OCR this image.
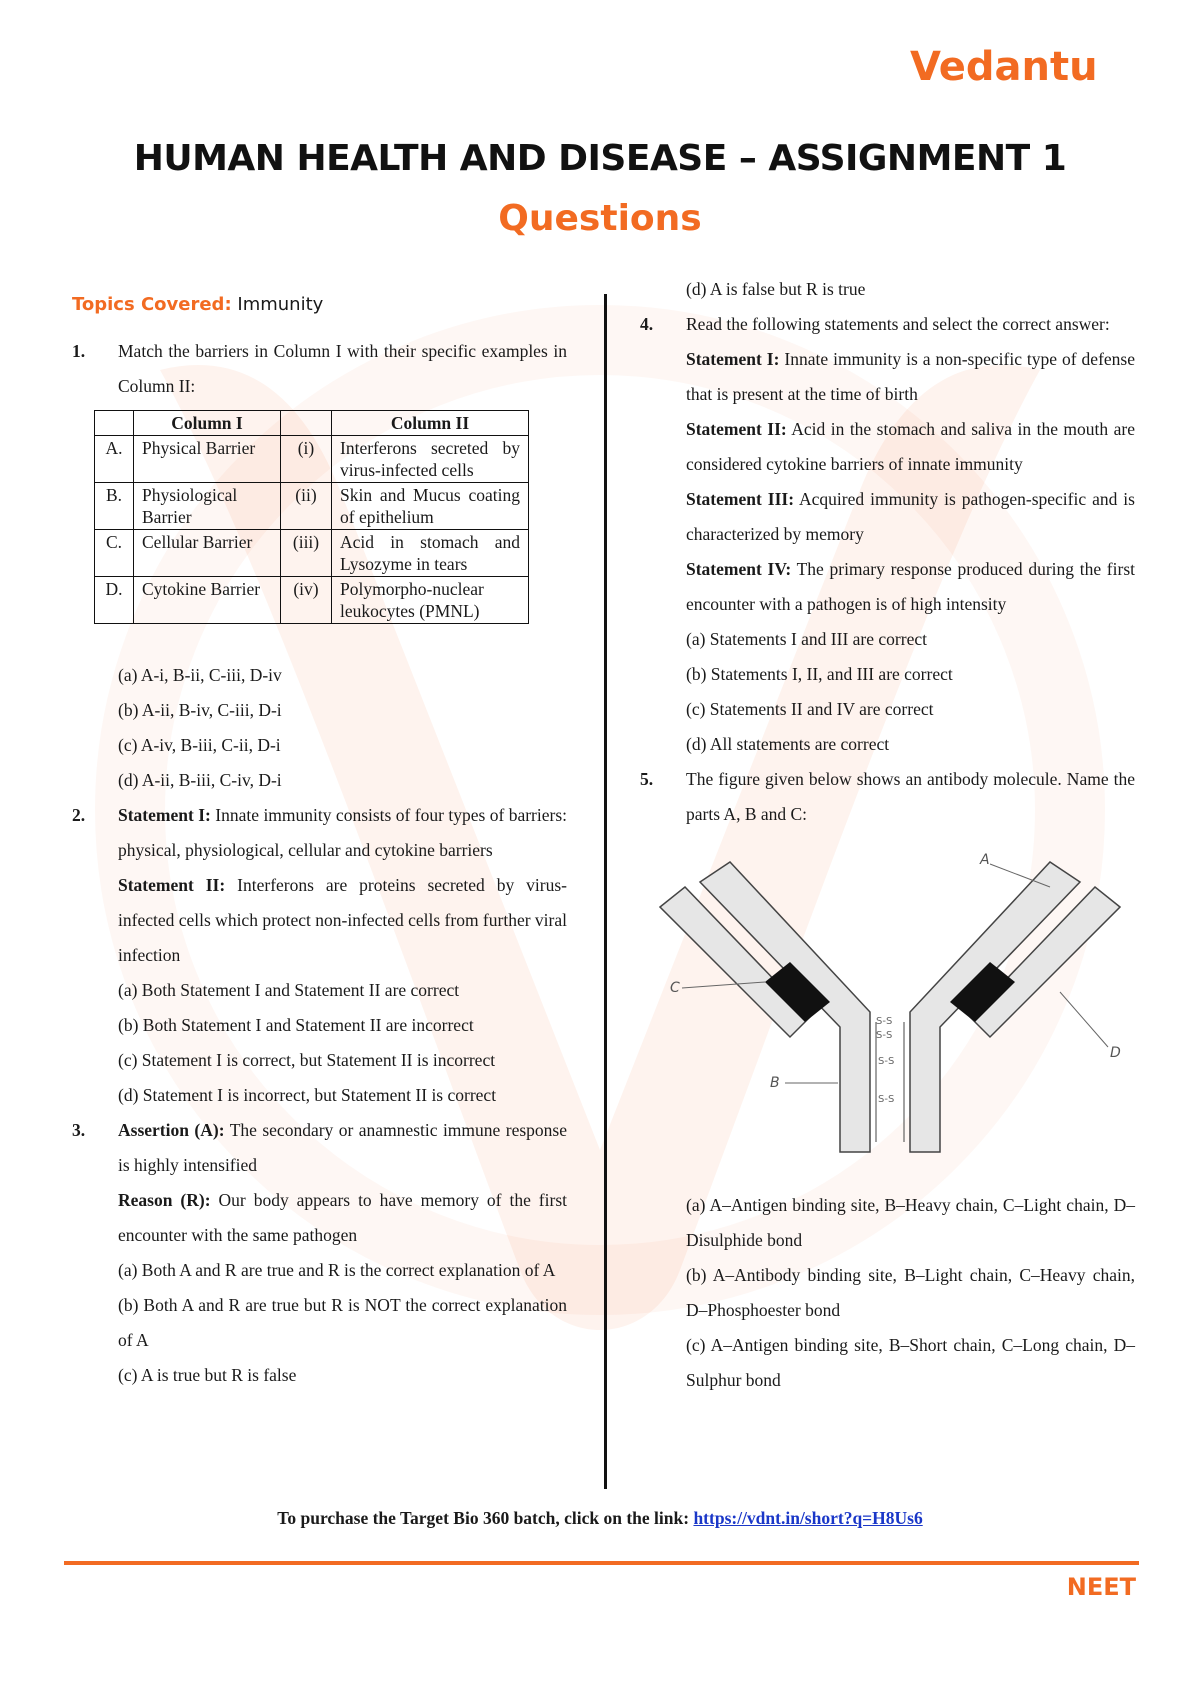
Vedantu
HUMAN HEALTH AND DISEASE – ASSIGNMENT 1
Questions
Topics Covered: Immunity
1. Match the barriers in Column I with their specific examples in Column II:
	Column I		Column II
A.	Physical Barrier	(i)	Interferons secreted by virus-infected cells
B.	Physiological Barrier	(ii)	Skin and Mucus coating of epithelium
C.	Cellular Barrier	(iii)	Acid in stomach and Lysozyme in tears
D.	Cytokine Barrier	(iv)	Polymorpho-nuclear leukocytes (PMNL)
(a) A-i, B-ii, C-iii, D-iv
(b) A-ii, B-iv, C-iii, D-i
(c) A-iv, B-iii, C-ii, D-i
(d) A-ii, B-iii, C-iv, D-i
2. Statement I: Innate immunity consists of four types of barriers: physical, physiological, cellular and cytokine barriers
Statement II: Interferons are proteins secreted by virus-infected cells which protect non-infected cells from further viral infection
(a) Both Statement I and Statement II are correct
(b) Both Statement I and Statement II are incorrect
(c) Statement I is correct, but Statement II is incorrect
(d) Statement I is incorrect, but Statement II is correct
3. Assertion (A): The secondary or anamnestic immune response is highly intensified
Reason (R): Our body appears to have memory of the first encounter with the same pathogen
(a) Both A and R are true and R is the correct explanation of A
(b) Both A and R are true but R is NOT the correct explanation of A
(c) A is true but R is false
(d) A is false but R is true
4. Read the following statements and select the correct answer:
Statement I: Innate immunity is a non-specific type of defense that is present at the time of birth
Statement II: Acid in the stomach and saliva in the mouth are considered cytokine barriers of innate immunity
Statement III: Acquired immunity is pathogen-specific and is characterized by memory
Statement IV: The primary response produced during the first encounter with a pathogen is of high intensity
(a) Statements I and III are correct
(b) Statements I, II, and III are correct
(c) Statements II and IV are correct
(d) All statements are correct
5. The figure given below shows an antibody molecule. Name the parts A, B and C:
S-S
S-S
S-S
S-S
A
C
D
B
(a) A–Antigen binding site, B–Heavy chain, C–Light chain, D–Disulphide bond
(b) A–Antibody binding site, B–Light chain, C–Heavy chain, D–Phosphoester bond
(c) A–Antigen binding site, B–Short chain, C–Long chain, D–Sulphur bond
To purchase the Target Bio 360 batch, click on the link: https://vdnt.in/short?q=H8Us6
NEET
